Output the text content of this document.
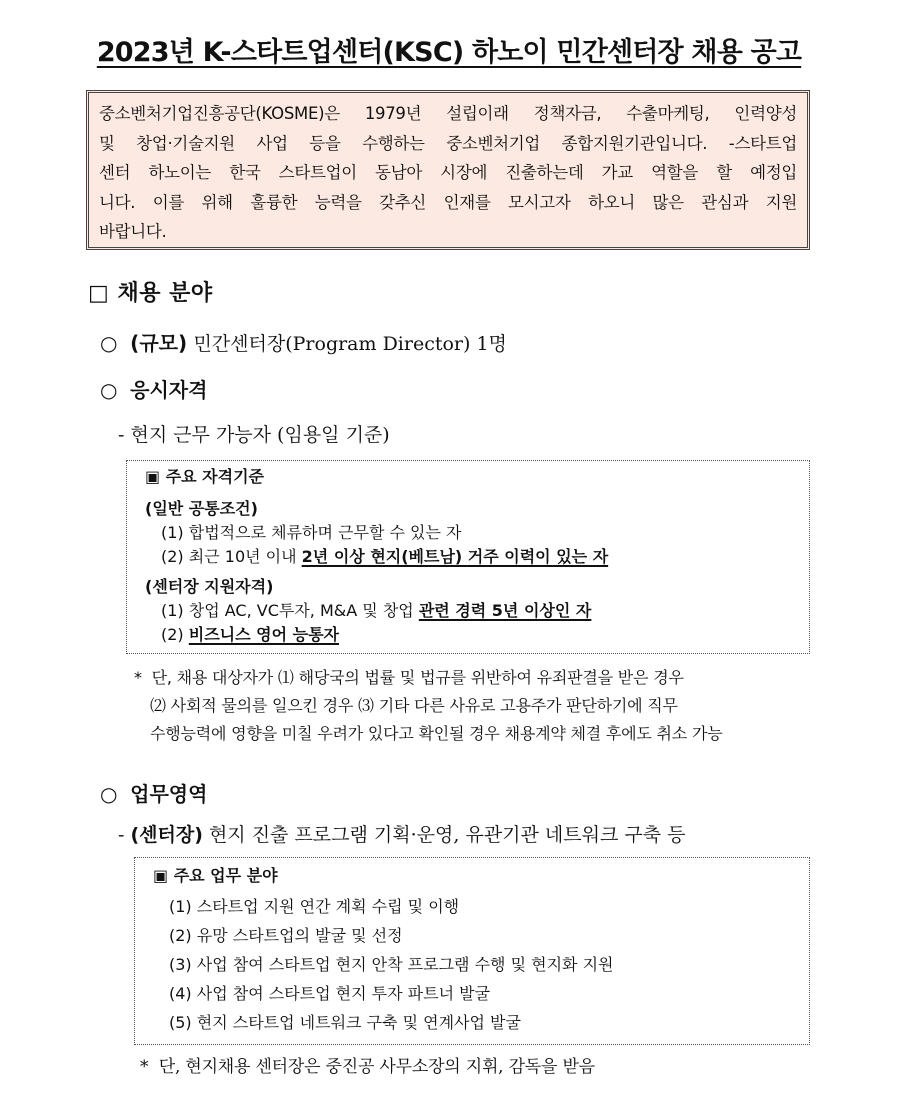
2023년 K-스타트업센터(KSC) 하노이 민간센터장 채용 공고
중소벤처기업진흥공단(KOSME)은 1979년 설립이래 정책자금, 수출마케팅, 인력양성
및 창업·기술지원 사업 등을 수행하는 중소벤처기업 종합지원기관입니다. -스타트업
센터 하노이는 한국 스타트업이 동남아 시장에 진출하는데 가교 역할을 할 예정입
니다. 이를 위해 훌륭한 능력을 갖추신 인재를 모시고자 하오니 많은 관심과 지원
바랍니다.
□ 채용 분야
○ (규모) 민간센터장(Program Director) 1명
○ 응시자격
- 현지 근무 가능자 (임용일 기준)
▣ 주요 자격기준
(일반 공통조건)
(1) 합법적으로 체류하며 근무할 수 있는 자
(2) 최근 10년 이내 2년 이상 현지(베트남) 거주 이력이 있는 자
(센터장 지원자격)
(1) 창업 AC, VC투자, M&A 및 창업 관련 경력 5년 이상인 자
(2) 비즈니스 영어 능통자
* 단, 채용 대상자가 ⑴ 해당국의 법률 및 법규를 위반하여 유죄판결을 받은 경우
⑵ 사회적 물의를 일으킨 경우 ⑶ 기타 다른 사유로 고용주가 판단하기에 직무
수행능력에 영향을 미칠 우려가 있다고 확인될 경우 채용계약 체결 후에도 취소 가능
○ 업무영역
- (센터장) 현지 진출 프로그램 기획·운영, 유관기관 네트워크 구축 등
▣ 주요 업무 분야
(1) 스타트업 지원 연간 계획 수립 및 이행
(2) 유망 스타트업의 발굴 및 선정
(3) 사업 참여 스타트업 현지 안착 프로그램 수행 및 현지화 지원
(4) 사업 참여 스타트업 현지 투자 파트너 발굴
(5) 현지 스타트업 네트워크 구축 및 연계사업 발굴
* 단, 현지채용 센터장은 중진공 사무소장의 지휘, 감독을 받음
